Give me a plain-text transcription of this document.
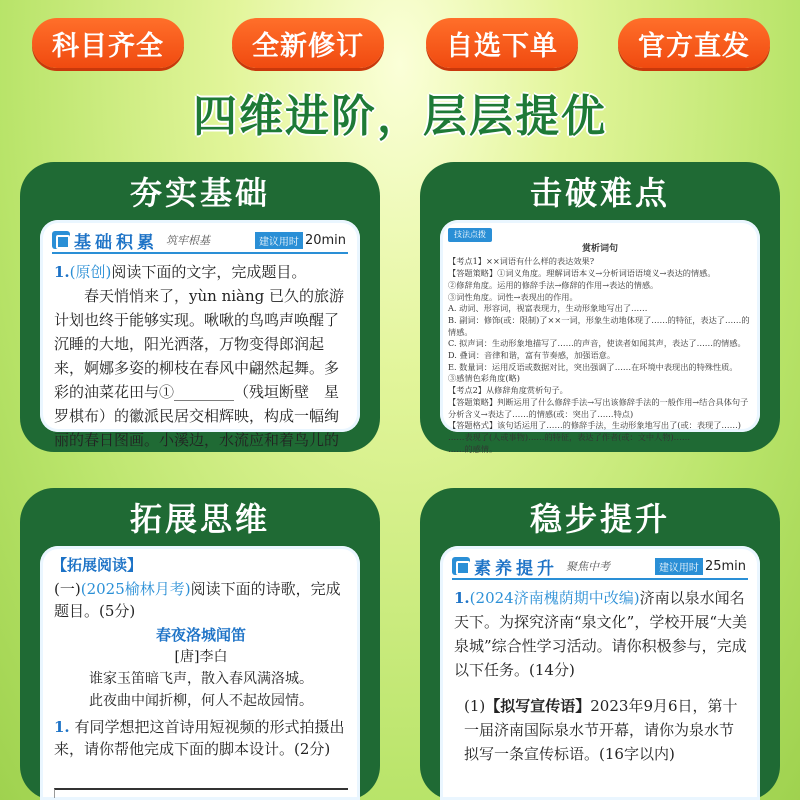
科目齐全	全新修订	自选下单	官方直发
四维进阶，层层提优
夯实基础
基础积累 筑牢根基	建议用时 20min
1.(原创)阅读下面的文字，完成题目。
春天悄悄来了，yùn niàng 已久的旅游计划也终于能够实现。啾啾的鸟鸣声唤醒了沉睡的大地，阳光洒落，万物变得郎润起来，婀娜多姿的柳枝在春风中翩然起舞。多彩的油菜花田与①________（残垣断壁　星罗棋布）的徽派民居交相辉映，构成一幅绚丽的春日图画。小溪边，水流应和着鸟儿的
击破难点
技法点拨
赏析词句
【考点1】××词语有什么样的表达效果?
【答题策略】①词义角度。理解词语本义→分析词语语境义→表达的情感。
②修辞角度。运用的修辞手法→修辞的作用→表达的情感。
③词性角度。词性→表现出的作用。
A. 动词、形容词，视富表现力，生动形象地写出了……
B. 副词：修饰(或：限制)了××一词，形象生动地体现了……的特征，表达了……的
情感。
C. 拟声词：生动形象地描写了……的声音，使读者如闻其声，表达了……的情感。
D. 叠词：音律和谐，富有节奏感，加强语意。
E. 数量词：运用反语或数据对比，突出强调了……在环境中表现出的特殊性质。
③感情色彩角度(略)
【考点2】从修辞角度赏析句子。
【答题策略】判断运用了什么修辞手法→写出该修辞手法的一般作用→结合具体句子
分析含义→表达了……的情感(或：突出了……特点)
【答题格式】该句话运用了……的修辞手法，生动形象地写出了(或：表现了……)
……表现了(人或事物)……的特征，表达了作者(或：文中人物)……
……的感情。
拓展思维
【拓展阅读】
(一)(2025榆林月考)阅读下面的诗歌，完成题目。(5分)
春夜洛城闻笛
[唐]李白
谁家玉笛暗飞声，散入春风满洛城。
此夜曲中闻折柳，何人不起故园情。
1. 有同学想把这首诗用短视频的形式拍摄出来，请你帮他完成下面的脚本设计。(2分)
稳步提升
素养提升 聚焦中考	建议用时 25min
1.(2024济南槐荫期中改编)济南以泉水闻名天下。为探究济南“泉文化”，学校开展“大美泉城”综合性学习活动。请你积极参与，完成以下任务。(14分)
(1)【拟写宣传语】2023年9月6日，第十一届济南国际泉水节开幕，请你为泉水节拟写一条宣传标语。(16字以内)
